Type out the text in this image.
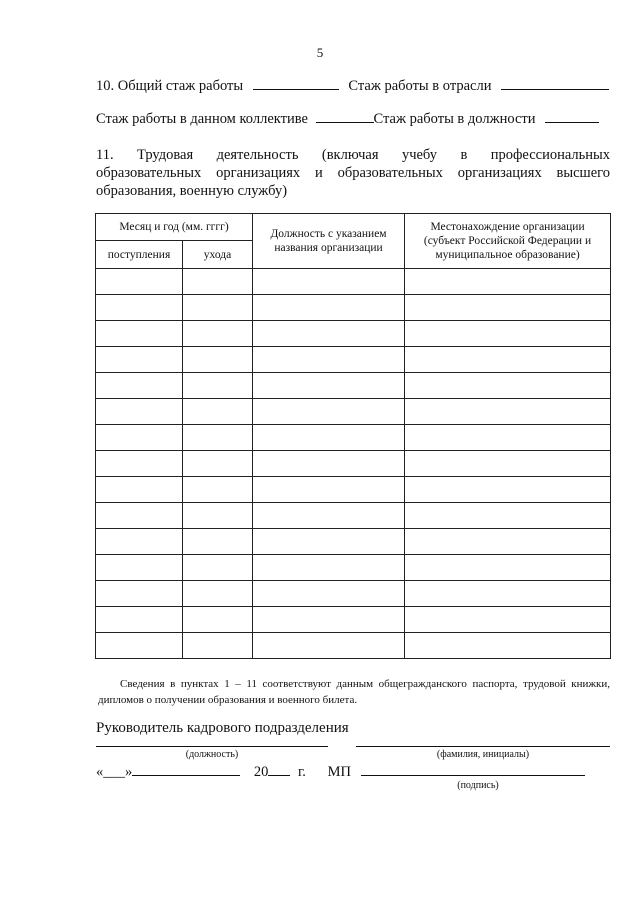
5
10. Общий стаж работы	Стаж работы в отрасли
Стаж работы в данном коллективе	Стаж работы в должности
11. Трудовая деятельность (включая учебу в профессиональных
образовательных организациях и образовательных организациях высшего
образования, военную службу)
Месяц и год (мм. гггг)		Должность с указанием названия организации	Местонахождение организации (субъект Российской Федерации и муниципальное образование)
поступления	ухода		

Сведения в пунктах 1 – 11 соответствуют данным общегражданского паспорта, трудовой книжки, дипломов о получении образования и военного билета.
Руководитель кадрового подразделения
(должность)	(фамилия, инициалы)
«___»	20 г. МП
(подпись)
